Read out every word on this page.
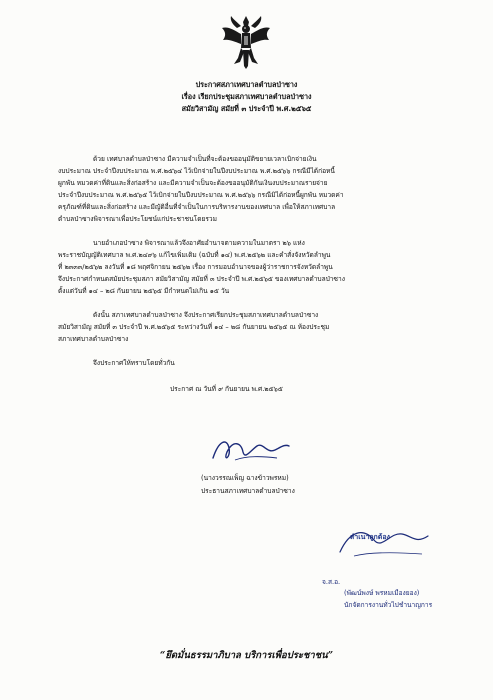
ประกาศสภาเทศบาลตำบลป่าซาง
เรื่อง เรียกประชุมสภาเทศบาลตำบลป่าซาง
สมัยวิสามัญ สมัยที่ ๓ ประจำปี พ.ศ.๒๕๖๕
ด้วย เทศบาลตำบลป่าซาง มีความจำเป็นที่จะต้องขออนุมัติขยายเวลาเบิกจ่ายเงิน
งบประมาณ ประจำปีงบประมาณ พ.ศ.๒๕๖๔ ไว้เบิกจ่ายในปีงบประมาณ พ.ศ.๒๕๖๖ กรณีมีได้ก่อหนี้
ผูกพัน หมวดค่าที่ดินและสิ่งก่อสร้าง และมีความจำเป็นจะต้องขออนุมัติกันเงินงบประมาณรายจ่าย
ประจำปีงบประมาณ พ.ศ.๒๕๖๕ ไว้เบิกจ่ายในปีงบประมาณ พ.ศ.๒๕๖๖ กรณีมิได้ก่อหนี้ผูกพัน หมวดค่า
ครุภัณฑ์ที่ดินและสิ่งก่อสร้าง และมีญัติอื่นที่จำเป็นในการบริหารงานของเทศบาล เพื่อให้สภาเทศบาล
ตำบลป่าซางพิจารณาเพื่อประโยชน์แก่ประชาชนโดยรวม
นายอำเภอป่าซาง พิจารณาแล้วจึงอาศัยอำนาจตามความในมาตรา ๒๖ แห่ง
พระราชบัญญัติเทศบาล พ.ศ.๒๔๙๖ แก้ไขเพิ่มเติม (ฉบับที่ ๑๔) พ.ศ.๒๕๖๒ และคำสั่งจังหวัดลำพูน
ที่ ๒๓๓๓/๒๕๖๒ ลงวันที่ ๑๘ พฤศจิกายน ๒๕๖๒ เรื่อง การมอบอำนาจของผู้ว่าราชการจังหวัดลำพูน
จึงประกาศกำหนดสมัยประชุมสภา สมัยวิสามัญ สมัยที่ ๓ ประจำปี พ.ศ.๒๕๖๕ ของเทศบาลตำบลป่าซาง
ตั้งแต่วันที่ ๑๔ – ๒๘ กันยายน ๒๕๖๕ มีกำหนดไม่เกิน ๑๕ วัน
ดังนั้น สภาเทศบาลตำบลป่าซาง จึงประกาศเรียกประชุมสภาเทศบาลตำบลป่าซาง
สมัยวิสามัญ สมัยที่ ๓ ประจำปี พ.ศ.๒๕๖๕ ระหว่างวันที่ ๑๔ – ๒๘ กันยายน ๒๕๖๕ ณ ห้องประชุม
สภาเทศบาลตำบลป่าซาง
จึงประกาศให้ทราบโดยทั่วกัน
ประกาศ ณ วันที่ ๙ กันยายน พ.ศ.๒๕๖๕
(นางวรรณเพ็ญ ฉางข้าวพรหม)
ประธานสภาเทศบาลตำบลป่าซาง
สำเนาถูกต้อง
จ.ส.อ.
(พัฒน์พงษ์ พรหมเมืองยอง)
นักจัดการงานทั่วไปชำนาญการ
“ยึดมั่นธรรมาภิบาล บริการเพื่อประชาชน”
